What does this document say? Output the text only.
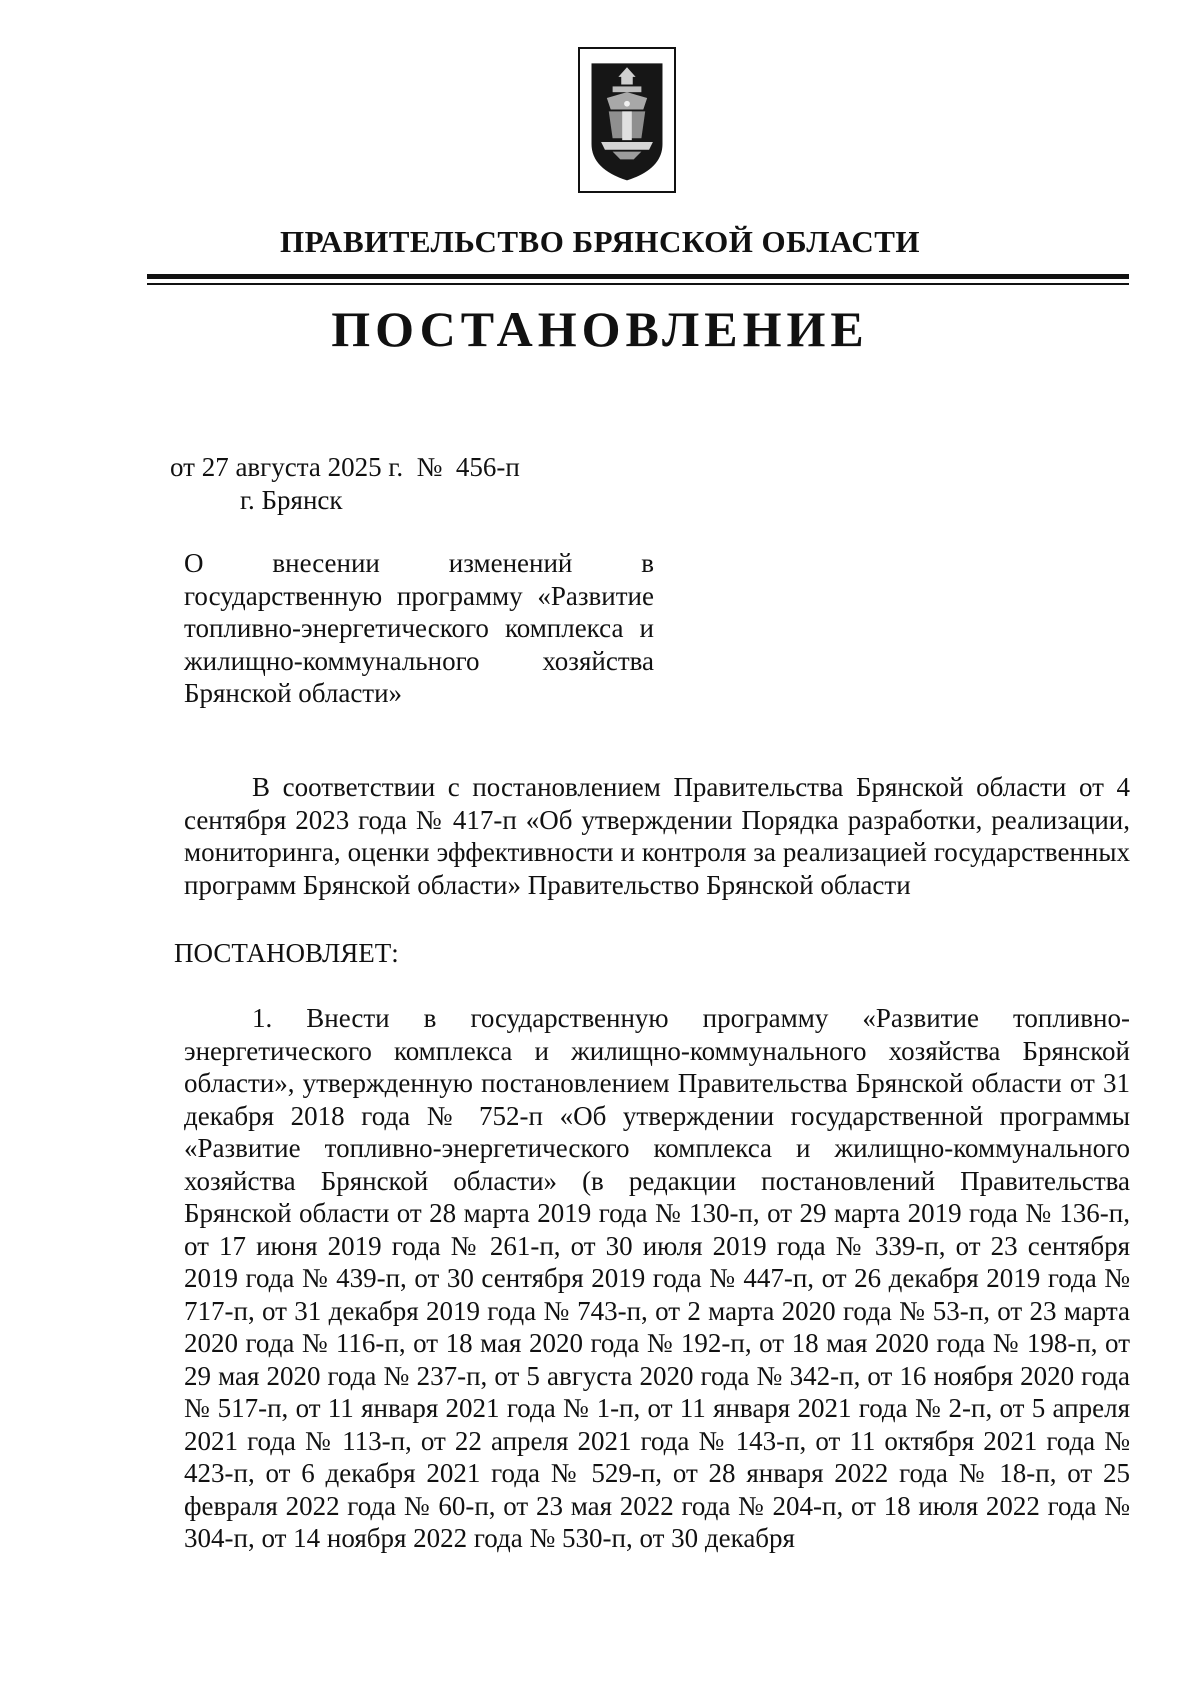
ПРАВИТЕЛЬСТВО БРЯНСКОЙ ОБЛАСТИ
ПОСТАНОВЛЕНИЕ
от 27 августа 2025 г. № 456-п
г. Брянск
О внесении изменений в государственную программу «Развитие топливно-энергетического комплекса и жилищно-коммунального хозяйства Брянской области»
В соответствии с постановлением Правительства Брянской области от 4 сентября 2023 года № 417-п «Об утверждении Порядка разработки, реализации, мониторинга, оценки эффективности и контроля за реализацией государственных программ Брянской области» Правительство Брянской области
ПОСТАНОВЛЯЕТ:
1. Внести в государственную программу «Развитие топливно-энергетического комплекса и жилищно-коммунального хозяйства Брянской области», утвержденную постановлением Правительства Брянской области от 31 декабря 2018 года № 752-п «Об утверждении государственной программы «Развитие топливно-энергетического комплекса и жилищно-коммунального хозяйства Брянской области» (в редакции постановлений Правительства Брянской области от 28 марта 2019 года № 130-п, от 29 марта 2019 года № 136-п, от 17 июня 2019 года № 261-п, от 30 июля 2019 года № 339-п, от 23 сентября 2019 года № 439-п, от 30 сентября 2019 года № 447-п, от 26 декабря 2019 года № 717-п, от 31 декабря 2019 года № 743-п, от 2 марта 2020 года № 53-п, от 23 марта 2020 года № 116-п, от 18 мая 2020 года № 192-п, от 18 мая 2020 года № 198-п, от 29 мая 2020 года № 237-п, от 5 августа 2020 года № 342-п, от 16 ноября 2020 года № 517-п, от 11 января 2021 года № 1-п, от 11 января 2021 года № 2-п, от 5 апреля 2021 года № 113-п, от 22 апреля 2021 года № 143-п, от 11 октября 2021 года № 423-п, от 6 декабря 2021 года № 529-п, от 28 января 2022 года № 18-п, от 25 февраля 2022 года № 60-п, от 23 мая 2022 года № 204-п, от 18 июля 2022 года № 304-п, от 14 ноября 2022 года № 530-п, от 30 декабря
